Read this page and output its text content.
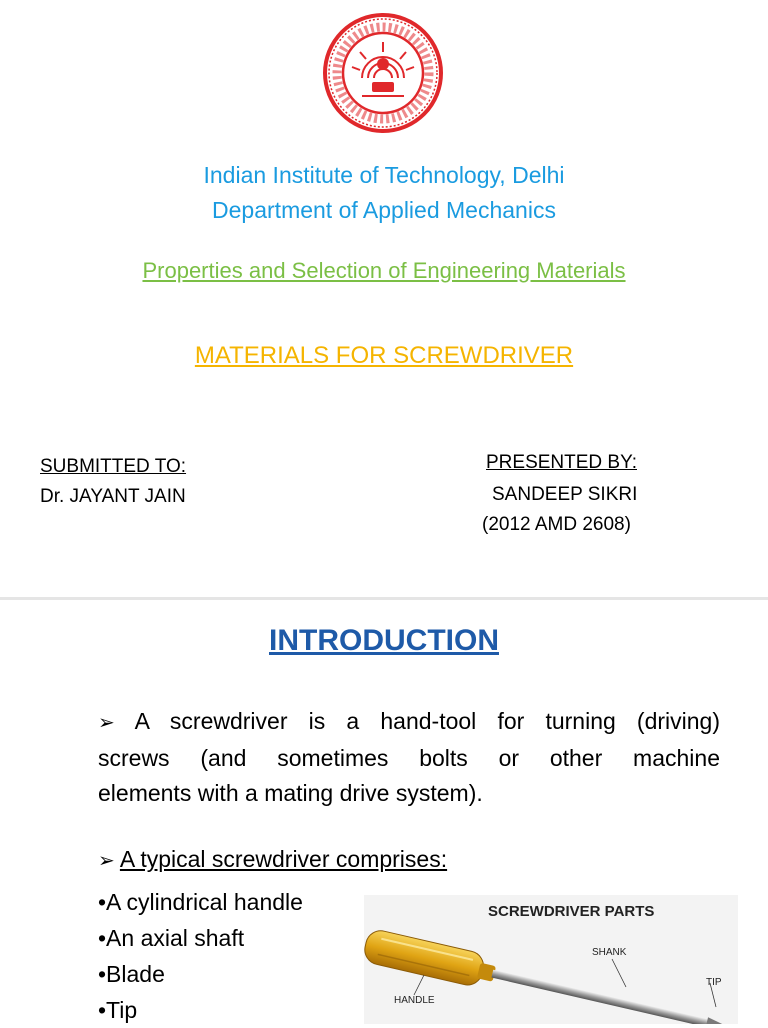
Indian Institute of Technology, Delhi
Department of Applied Mechanics
Properties and Selection of Engineering Materials
MATERIALS FOR SCREWDRIVER
SUBMITTED TO:
Dr. JAYANT JAIN
PRESENTED BY:
SANDEEP SIKRI
(2012 AMD 2608)
INTRODUCTION
➢ A screwdriver is a hand-tool for turning (driving)
screws (and sometimes bolts or other machine
elements with a mating drive system).
➢ A typical screwdriver comprises:
•A cylindrical handle
•An axial shaft
•Blade
•Tip
SCREWDRIVER PARTS
SHANK
TIP
HANDLE
